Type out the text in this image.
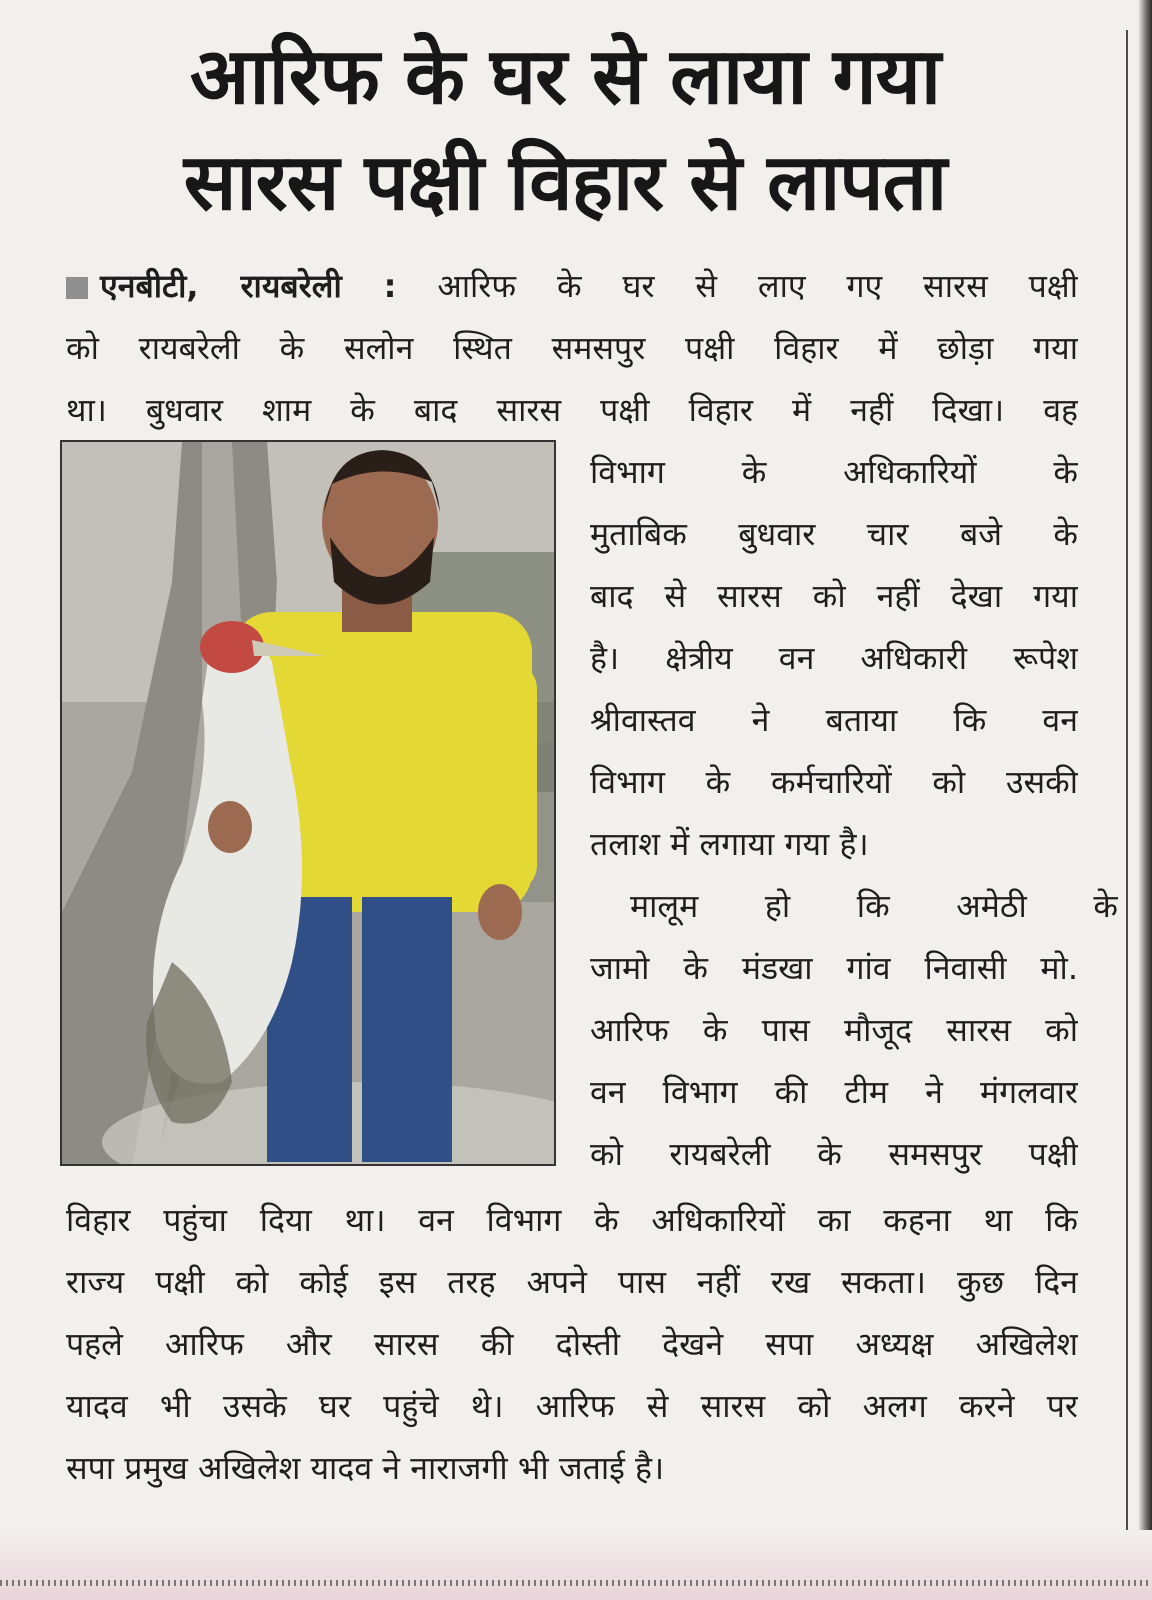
आरिफ के घर से लाया गया
सारस पक्षी विहार से लापता
एनबीटी, रायबरेली : आरिफ के घर से लाए गए सारस पक्षी
को रायबरेली के सलोन स्थित समसपुर पक्षी विहार में छोड़ा गया
था। बुधवार शाम के बाद सारस पक्षी विहार में नहीं दिखा। वह
विभाग के अधिकारियों के
मुताबिक बुधवार चार बजे के
बाद से सारस को नहीं देखा गया
है। क्षेत्रीय वन अधिकारी रूपेश
श्रीवास्तव ने बताया कि वन
विभाग के कर्मचारियों को उसकी
तलाश में लगाया गया है।
मालूम हो कि अमेठी के
जामो के मंडखा गांव निवासी मो.
आरिफ के पास मौजूद सारस को
वन विभाग की टीम ने मंगलवार
को रायबरेली के समसपुर पक्षी
विहार पहुंचा दिया था। वन विभाग के अधिकारियों का कहना था कि
राज्य पक्षी को कोई इस तरह अपने पास नहीं रख सकता। कुछ दिन
पहले आरिफ और सारस की दोस्ती देखने सपा अध्यक्ष अखिलेश
यादव भी उसके घर पहुंचे थे। आरिफ से सारस को अलग करने पर
सपा प्रमुख अखिलेश यादव ने नाराजगी भी जताई है।
